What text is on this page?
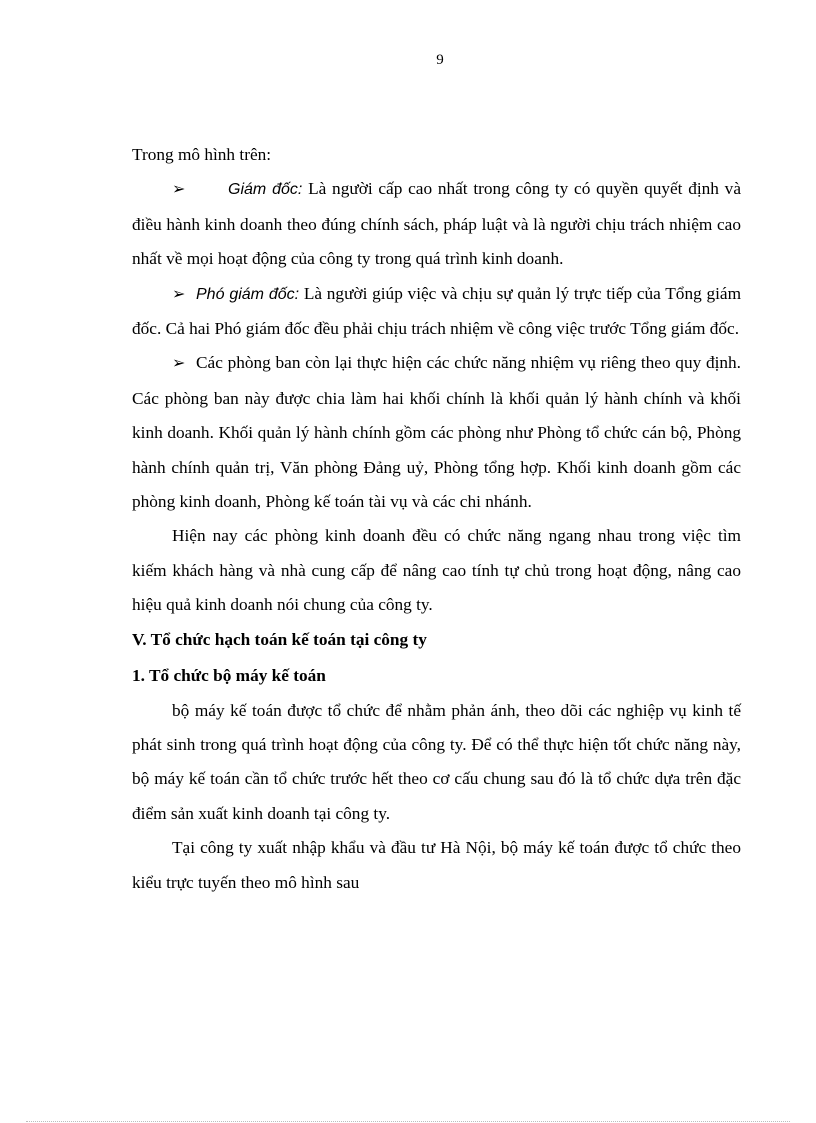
9

Trong mô hình trên:

➢	Giám đốc: Là người cấp cao nhất trong công ty có quyền quyết định và điều hành kinh doanh theo đúng chính sách, pháp luật và là người chịu trách nhiệm cao nhất về mọi hoạt động của công ty trong quá trình kinh doanh.

➢ Phó giám đốc: Là người giúp việc và chịu sự quản lý trực tiếp của Tổng giám đốc. Cả hai Phó giám đốc đều phải chịu trách nhiệm về công việc trước Tổng giám đốc.

➢ Các phòng ban còn lại thực hiện các chức năng nhiệm vụ riêng theo quy định. Các phòng ban này được chia làm hai khối chính là khối quản lý hành chính và khối kinh doanh. Khối quản lý hành chính gồm các phòng như Phòng tổ chức cán bộ, Phòng hành chính quản trị, Văn phòng Đảng uỷ, Phòng tổng hợp. Khối kinh doanh gồm các phòng kinh doanh, Phòng kế toán tài vụ và các chi nhánh.

Hiện nay các phòng kinh doanh đều có chức năng ngang nhau trong việc tìm kiếm khách hàng và nhà cung cấp để nâng cao tính tự chủ trong hoạt động, nâng cao hiệu quả kinh doanh nói chung của công ty.

V. Tổ chức hạch toán kế toán tại công ty

1. Tổ chức bộ máy kế toán

bộ máy kế toán được tổ chức để nhằm phản ánh, theo dõi các nghiệp vụ kinh tế phát sinh trong quá trình hoạt động của công ty. Để có thể thực hiện tốt chức năng này, bộ máy kế toán cần tổ chức trước hết theo cơ cấu chung sau đó là tổ chức dựa trên đặc điểm sản xuất kinh doanh tại công ty.

Tại công ty xuất nhập khẩu và đầu tư Hà Nội, bộ máy kế toán được tổ chức theo kiểu trực tuyến theo mô hình sau
